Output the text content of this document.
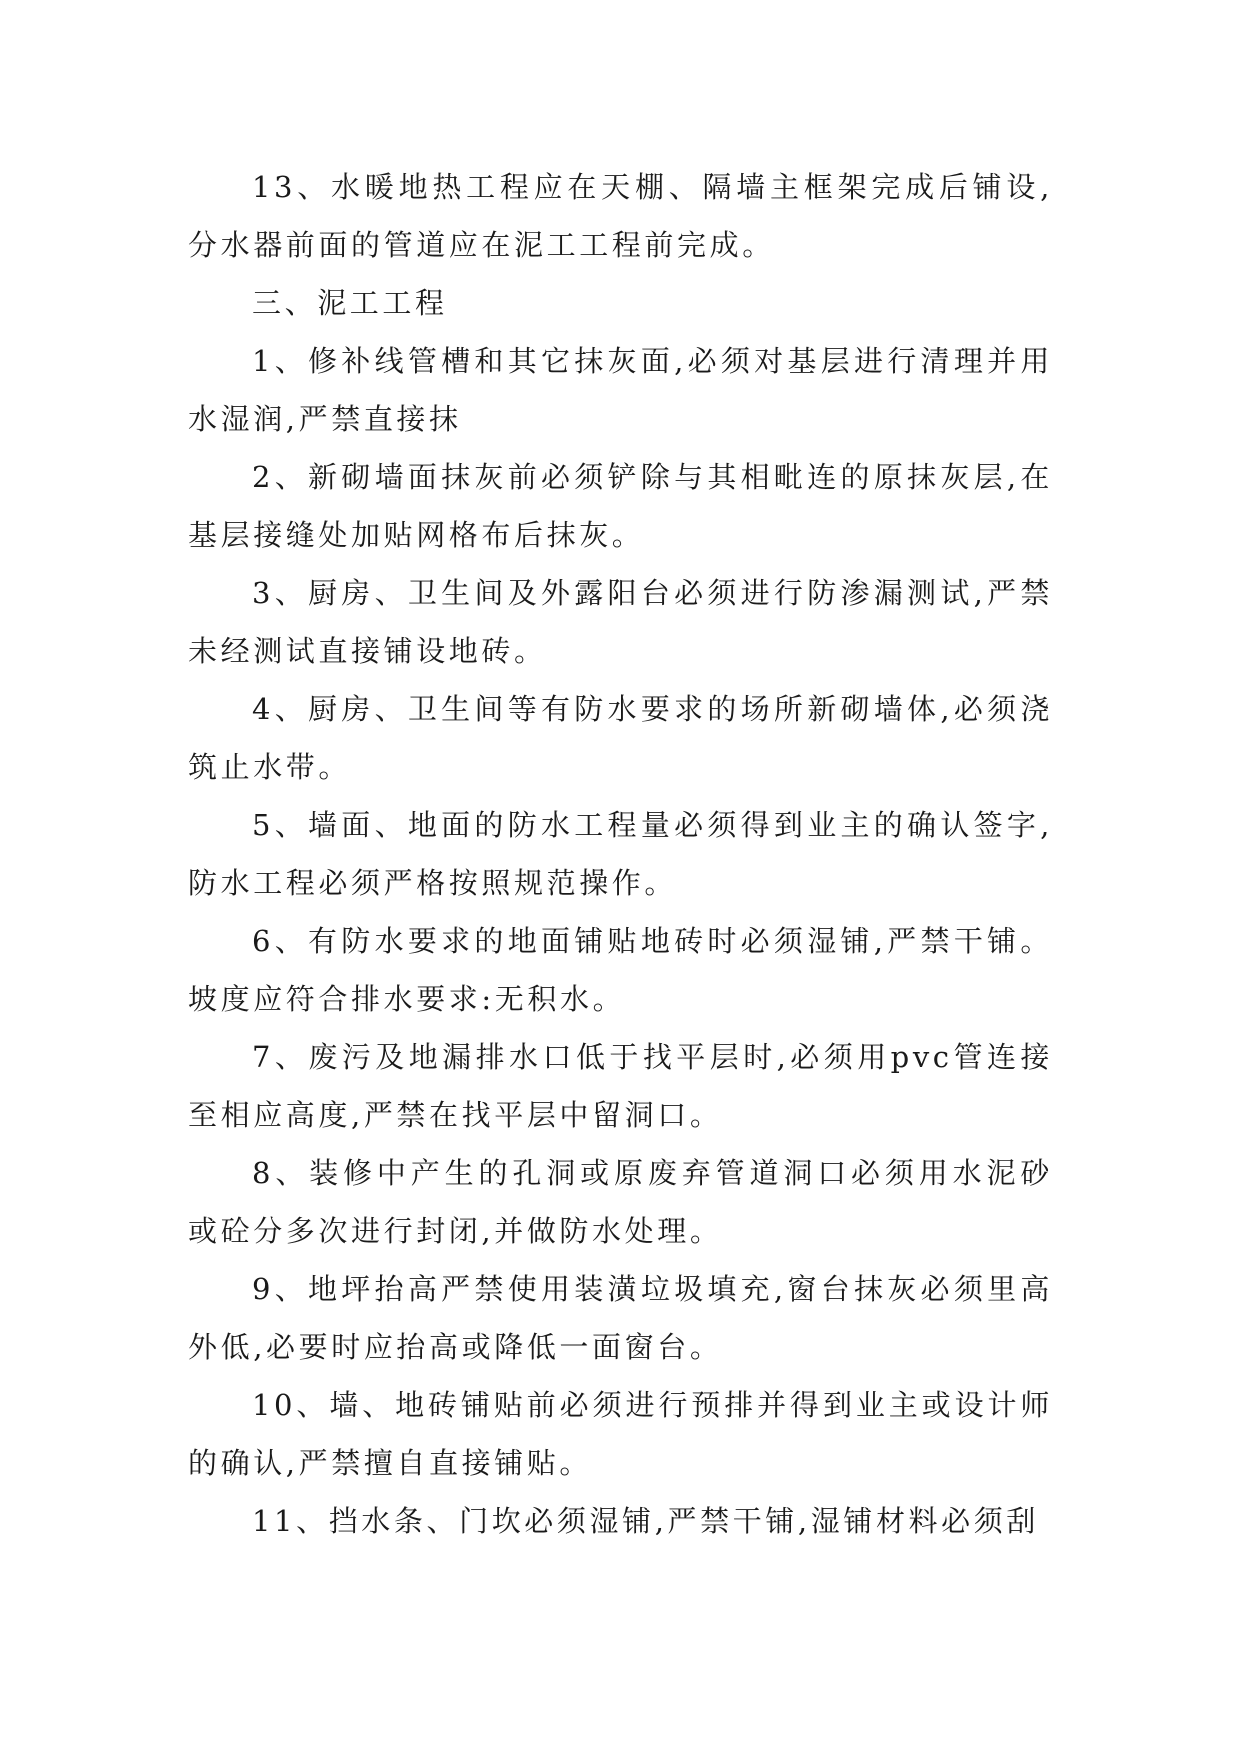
13、水暖地热工程应在天棚、隔墙主框架完成后铺设,分水器前面的管道应在泥工工程前完成。

三、泥工工程

1、修补线管槽和其它抹灰面,必须对基层进行清理并用水湿润,严禁直接抹

2、新砌墙面抹灰前必须铲除与其相毗连的原抹灰层,在基层接缝处加贴网格布后抹灰。

3、厨房、卫生间及外露阳台必须进行防渗漏测试,严禁未经测试直接铺设地砖。

4、厨房、卫生间等有防水要求的场所新砌墙体,必须浇筑止水带。

5、墙面、地面的防水工程量必须得到业主的确认签字,防水工程必须严格按照规范操作。

6、有防水要求的地面铺贴地砖时必须湿铺,严禁干铺。坡度应符合排水要求:无积水。

7、废污及地漏排水口低于找平层时,必须用pvc管连接至相应高度,严禁在找平层中留洞口。

8、装修中产生的孔洞或原废弃管道洞口必须用水泥砂或砼分多次进行封闭,并做防水处理。

9、地坪抬高严禁使用装潢垃圾填充,窗台抹灰必须里高外低,必要时应抬高或降低一面窗台。

10、墙、地砖铺贴前必须进行预排并得到业主或设计师的确认,严禁擅自直接铺贴。

11、挡水条、门坎必须湿铺,严禁干铺,湿铺材料必须刮
